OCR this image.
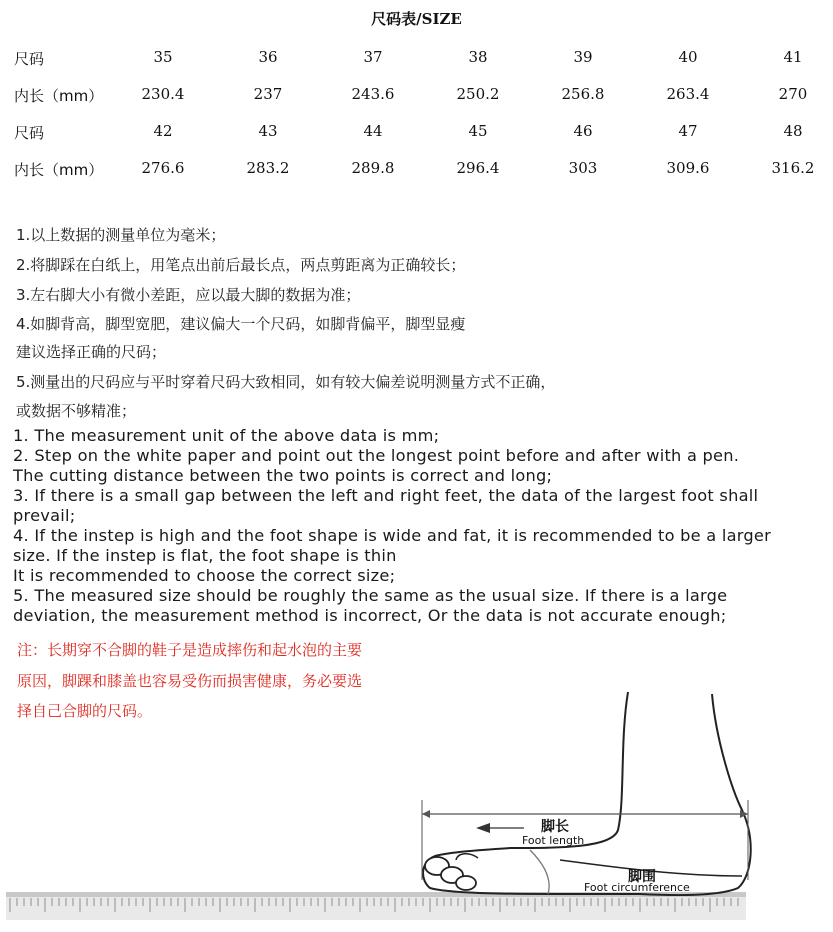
尺码表/SIZE
尺码	35	36	37	38	39	40	41
内长（mm）	230.4	237	243.6	250.2	256.8	263.4	270
尺码	42	43	44	45	46	47	48
内长（mm）	276.6	283.2	289.8	296.4	303	309.6	316.2
1.以上数据的测量单位为毫米；
2.将脚踩在白纸上，用笔点出前后最长点，两点剪距离为正确较长；
3.左右脚大小有微小差距，应以最大脚的数据为准；
4.如脚背高，脚型宽肥，建议偏大一个尺码，如脚背偏平，脚型显瘦
建议选择正确的尺码；
5.测量出的尺码应与平时穿着尺码大致相同，如有较大偏差说明测量方式不正确，
或数据不够精准；
1. The measurement unit of the above data is mm;
2. Step on the white paper and point out the longest point before and after with a pen.
The cutting distance between the two points is correct and long;
3. If there is a small gap between the left and right feet, the data of the largest foot shall
prevail;
4. If the instep is high and the foot shape is wide and fat, it is recommended to be a larger
size. If the instep is flat, the foot shape is thin
It is recommended to choose the correct size;
5. The measured size should be roughly the same as the usual size. If there is a large
deviation, the measurement method is incorrect, Or the data is not accurate enough;
注：长期穿不合脚的鞋子是造成摔伤和起水泡的主要
原因，脚踝和膝盖也容易受伤而损害健康，务必要选
择自己合脚的尺码。
脚长
Foot length
脚围
Foot circumference
